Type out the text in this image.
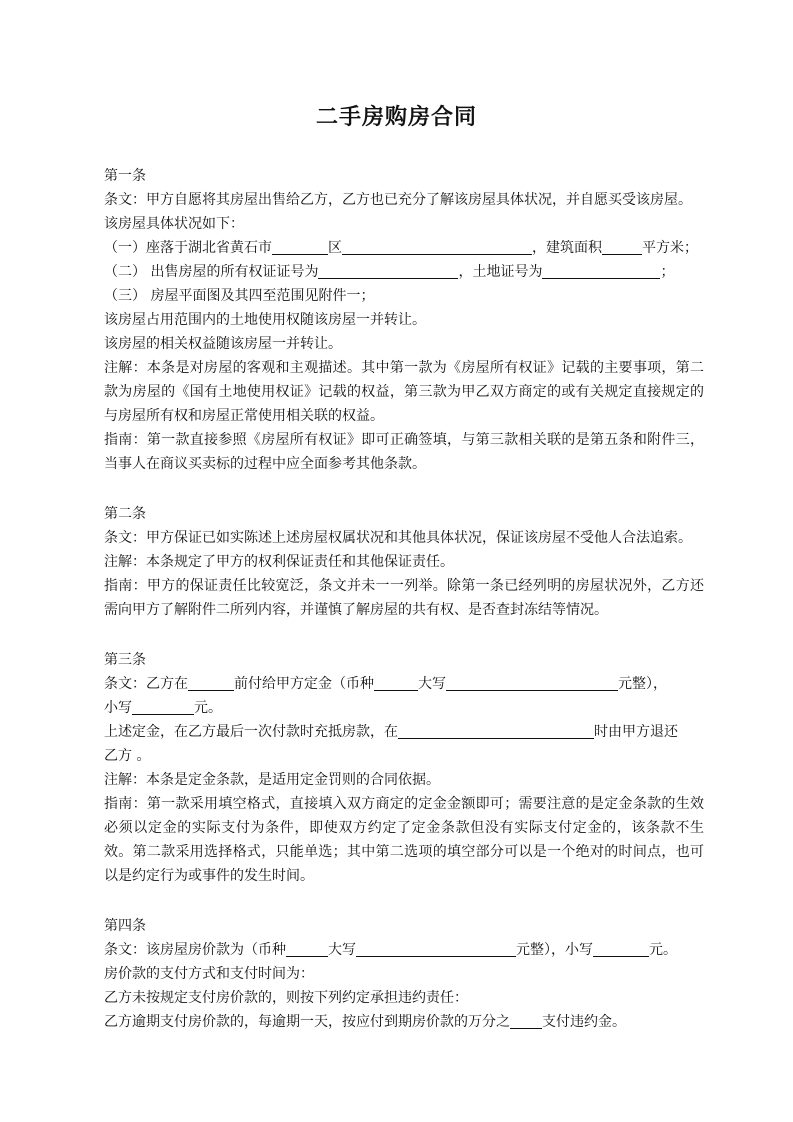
二手房购房合同

第一条

条文：甲方自愿将其房屋出售给乙方，乙方也已充分了解该房屋具体状况，并自愿买受该房屋。

该房屋具体状况如下：

（一）座落于湖北省黄石市	区	，建筑面积	平方米；

（二） 出售房屋的所有权证证号为	，土地证号为	；

（三） 房屋平面图及其四至范围见附件一；

该房屋占用范围内的土地使用权随该房屋一并转让。

该房屋的相关权益随该房屋一并转让。

注解：本条是对房屋的客观和主观描述。其中第一款为《房屋所有权证》记载的主要事项，第二款为房屋的《国有土地使用权证》记载的权益，第三款为甲乙双方商定的或有关规定直接规定的与房屋所有权和房屋正常使用相关联的权益。

指南：第一款直接参照《房屋所有权证》即可正确签填，与第三款相关联的是第五条和附件三，当事人在商议买卖标的过程中应全面参考其他条款。

第二条

条文：甲方保证已如实陈述上述房屋权属状况和其他具体状况，保证该房屋不受他人合法追索。

注解：本条规定了甲方的权利保证责任和其他保证责任。

指南：甲方的保证责任比较宽泛，条文并未一一列举。除第一条已经列明的房屋状况外，乙方还需向甲方了解附件二所列内容，并谨慎了解房屋的共有权、是否查封冻结等情况。

第三条

条文：乙方在	前付给甲方定金（币种	大写	元整），

小写	元。

上述定金，在乙方最后一次付款时充抵房款，在	时由甲方退还

乙方 。

注解：本条是定金条款，是适用定金罚则的合同依据。

指南：第一款采用填空格式，直接填入双方商定的定金金额即可；需要注意的是定金条款的生效必须以定金的实际支付为条件，即使双方约定了定金条款但没有实际支付定金的，该条款不生效。第二款采用选择格式，只能单选；其中第二选项的填空部分可以是一个绝对的时间点，也可以是约定行为或事件的发生时间。

第四条

条文：该房屋房价款为（币种	大写	元整），小写	元。

房价款的支付方式和支付时间为：

乙方未按规定支付房价款的，则按下列约定承担违约责任：

乙方逾期支付房价款的，每逾期一天，按应付到期房价款的万分之 支付违约金。
